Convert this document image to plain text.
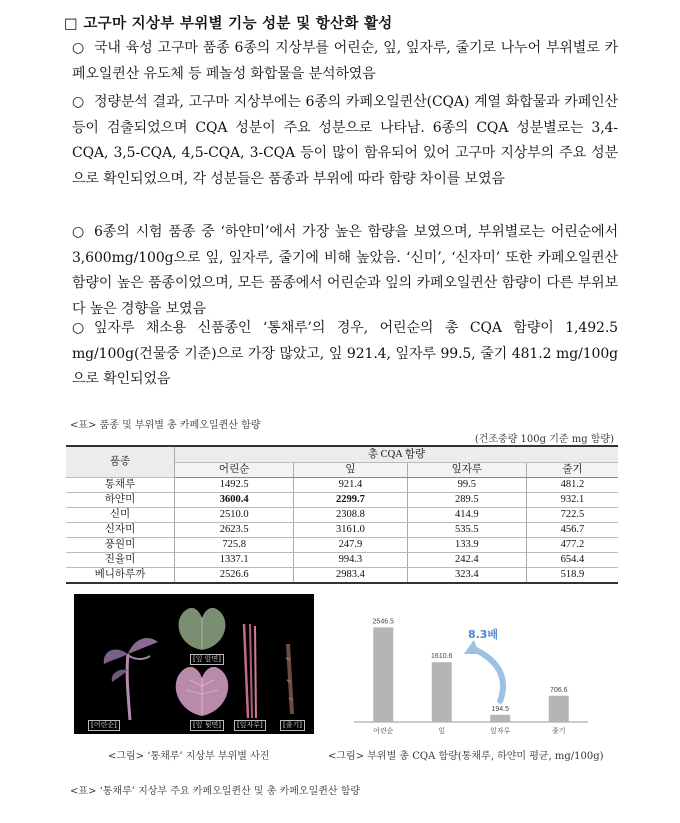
□ 고구마 지상부 부위별 기능 성분 및 항산화 활성
○ 국내 육성 고구마 품종 6종의 지상부를 어린순, 잎, 잎자루, 줄기로 나누어 부위별로 카페오일퀸산 유도체 등 페놀성 화합물을 분석하였음
○ 정량분석 결과, 고구마 지상부에는 6종의 카페오일퀸산(CQA) 계열 화합물과 카페인산 등이 검출되었으며 CQA 성분이 주요 성분으로 나타남. 6종의 CQA 성분별로는 3,4-CQA, 3,5-CQA, 4,5-CQA, 3-CQA 등이 많이 함유되어 있어 고구마 지상부의 주요 성분으로 확인되었으며, 각 성분들은 품종과 부위에 따라 함량 차이를 보였음
○ 6종의 시험 품종 중 ‘하얀미’에서 가장 높은 함량을 보였으며, 부위별로는 어린순에서 3,600mg/100g으로 잎, 잎자루, 줄기에 비해 높았음. ‘신미’, ‘신자미’ 또한 카페오일퀸산 함량이 높은 품종이었으며, 모든 품종에서 어린순과 잎의 카페오일퀸산 함량이 다른 부위보다 높은 경향을 보였음
○ 잎자루 채소용 신품종인 ‘통채루’의 경우, 어린순의 총 CQA 함량이 1,492.5 mg/100g(건물중 기준)으로 가장 많았고, 잎 921.4, 잎자루 99.5, 줄기 481.2 mg/100g으로 확인되었음
<표> 품종 및 부위별 총 카페오일퀸산 함량
(건조중량 100g 기준 mg 함량)
품종	총 CQA 함량			
	어린순	잎	잎자루	줄기
통채루	1492.5	921.4	99.5	481.2
하얀미	3600.4	2299.7	289.5	932.1
신미	2510.0	2308.8	414.9	722.5
신자미	2623.5	3161.0	535.5	456.7
풍원미	725.8	247.9	133.9	477.2
진율미	1337.1	994.3	242.4	654.4
베니하루까	2526.6	2983.4	323.4	518.9
[어린순]
[잎 앞면]
[잎 뒷면]	[잎자루]	[줄기]
2546.5
어린순
1610.6
잎
194.5
잎자루
706.6
줄기
8.3배
<그림> ‘통채루’ 지상부 부위별 사진	<그림> 부위별 총 CQA 함량(통채루, 하얀미 평균, mg/100g)
<표> ‘통채루’ 지상부 주요 카페오일퀸산 및 총 카페오일퀸산 함량
